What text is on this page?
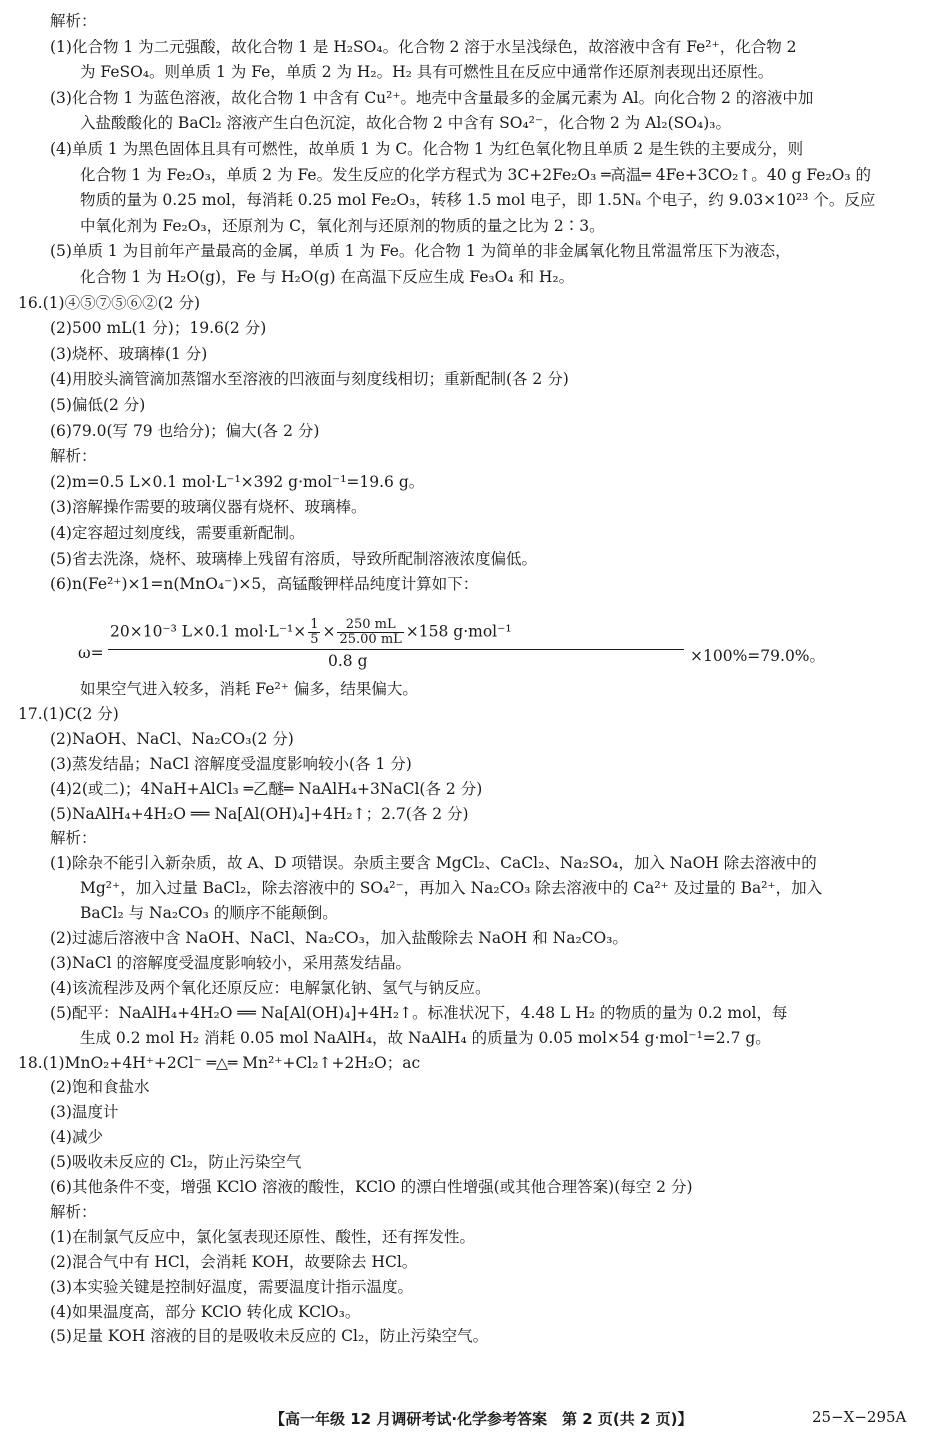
解析：
(1)化合物 1 为二元强酸，故化合物 1 是 H₂SO₄。化合物 2 溶于水呈浅绿色，故溶液中含有 Fe²⁺，化合物 2
为 FeSO₄。则单质 1 为 Fe，单质 2 为 H₂。H₂ 具有可燃性且在反应中通常作还原剂表现出还原性。
(3)化合物 1 为蓝色溶液，故化合物 1 中含有 Cu²⁺。地壳中含量最多的金属元素为 Al。向化合物 2 的溶液中加
入盐酸酸化的 BaCl₂ 溶液产生白色沉淀，故化合物 2 中含有 SO₄²⁻，化合物 2 为 Al₂(SO₄)₃。
(4)单质 1 为黑色固体且具有可燃性，故单质 1 为 C。化合物 1 为红色氧化物且单质 2 是生铁的主要成分，则
化合物 1 为 Fe₂O₃，单质 2 为 Fe。发生反应的化学方程式为 3C+2Fe₂O₃ ═高温═ 4Fe+3CO₂↑。40 g Fe₂O₃ 的
物质的量为 0.25 mol，每消耗 0.25 mol Fe₂O₃，转移 1.5 mol 电子，即 1.5Nₐ 个电子，约 9.03×10²³ 个。反应
中氧化剂为 Fe₂O₃，还原剂为 C，氧化剂与还原剂的物质的量之比为 2∶3。
(5)单质 1 为目前年产量最高的金属，单质 1 为 Fe。化合物 1 为简单的非金属氧化物且常温常压下为液态，
化合物 1 为 H₂O(g)，Fe 与 H₂O(g) 在高温下反应生成 Fe₃O₄ 和 H₂。
16.(1)④⑤⑦⑤⑥②(2 分)
(2)500 mL(1 分)；19.6(2 分)
(3)烧杯、玻璃棒(1 分)
(4)用胶头滴管滴加蒸馏水至溶液的凹液面与刻度线相切；重新配制(各 2 分)
(5)偏低(2 分)
(6)79.0(写 79 也给分)；偏大(各 2 分)
解析：
(2)m=0.5 L×0.1 mol·L⁻¹×392 g·mol⁻¹=19.6 g。
(3)溶解操作需要的玻璃仪器有烧杯、玻璃棒。
(4)定容超过刻度线，需要重新配制。
(5)省去洗涤，烧杯、玻璃棒上残留有溶质，导致所配制溶液浓度偏低。
(6)n(Fe²⁺)×1=n(MnO₄⁻)×5，高锰酸钾样品纯度计算如下：
ω=
20×10⁻³ L×0.1 $mol\cdot L^{-1}\times \frac{1}{5} \times \frac{250 mL}{25.00 mL} \times 158$ g·mol⁻¹
0.8 g	×100%=79.0%。
如果空气进入较多，消耗 Fe²⁺ 偏多，结果偏大。
17.(1)C(2 分)
(2)NaOH、NaCl、Na₂CO₃(2 分)
(3)蒸发结晶；NaCl 溶解度受温度影响较小(各 1 分)
(4)2(或二)；4NaH+AlCl₃ ═乙醚═ NaAlH₄+3NaCl(各 2 分)
(5)NaAlH₄+4H₂O ══ Na[Al(OH)₄]+4H₂↑；2.7(各 2 分)
解析：
(1)除杂不能引入新杂质，故 A、D 项错误。杂质主要含 MgCl₂、CaCl₂、Na₂SO₄，加入 NaOH 除去溶液中的
Mg²⁺，加入过量 BaCl₂，除去溶液中的 SO₄²⁻，再加入 Na₂CO₃ 除去溶液中的 Ca²⁺ 及过量的 Ba²⁺，加入
BaCl₂ 与 Na₂CO₃ 的顺序不能颠倒。
(2)过滤后溶液中含 NaOH、NaCl、Na₂CO₃，加入盐酸除去 NaOH 和 Na₂CO₃。
(3)NaCl 的溶解度受温度影响较小，采用蒸发结晶。
(4)该流程涉及两个氧化还原反应：电解氯化钠、氢气与钠反应。
(5)配平：NaAlH₄+4H₂O ══ Na[Al(OH)₄]+4H₂↑。标准状况下，4.48 L H₂ 的物质的量为 0.2 mol，每
生成 0.2 mol H₂ 消耗 0.05 mol NaAlH₄，故 NaAlH₄ 的质量为 0.05 mol×54 g·mol⁻¹=2.7 g。
18.(1)MnO₂+4H⁺+2Cl⁻ ═△═ Mn²⁺+Cl₂↑+2H₂O；ac
(2)饱和食盐水
(3)温度计
(4)减少
(5)吸收未反应的 Cl₂，防止污染空气
(6)其他条件不变，增强 KClO 溶液的酸性，KClO 的漂白性增强(或其他合理答案)(每空 2 分)
解析：
(1)在制氯气反应中，氯化氢表现还原性、酸性，还有挥发性。
(2)混合气中有 HCl，会消耗 KOH，故要除去 HCl。
(3)本实验关键是控制好温度，需要温度计指示温度。
(4)如果温度高，部分 KClO 转化成 KClO₃。
(5)足量 KOH 溶液的目的是吸收未反应的 Cl₂，防止污染空气。
【高一年级 12 月调研考试·化学参考答案　第 2 页(共 2 页)】	25−X−295A
